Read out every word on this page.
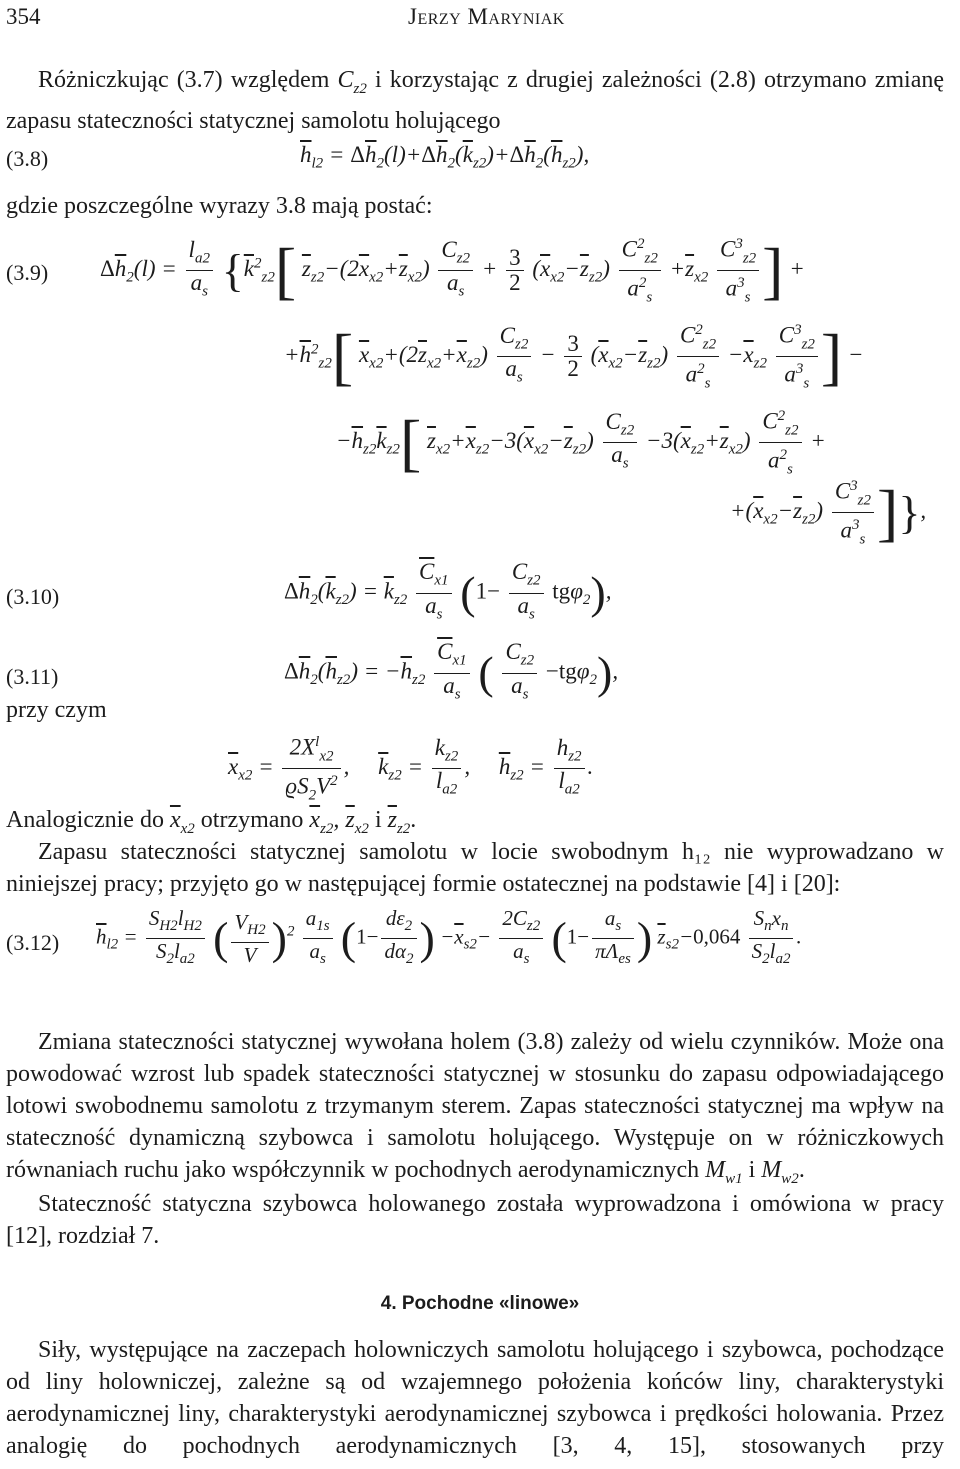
354	Jerzy Maryniak
Różniczkując (3.7) względem $C_{z2}$ i korzystając z drugiej zależności (2.8) otrzymano zmianę zapasu stateczności statycznej samolotu holującego
(3.8)	$\overline{h}_{l2} = \Delta\overline{h}_2(l)+\Delta\overline{h}_2(\overline{k}_{z2})+\Delta\overline{h}_2(\overline{h}_{z2})$,
gdzie poszczególne wyrazy 3.8 mają postać:
(3.9) $\Delta\overline{h}_2(l) = \frac{l_{a2}}{a_s} \{\overline{k}^2_{z2}$[ $\overline{z}_{z2}-(2\overline{x}_{x2}+\overline{z}_{x2}) \frac{C_{z2}}{a_s} + \frac{3}{2} (\overline{x}_{x2}-\overline{z}_{z2}) \frac{C^2_{z2}}{a^2_s} +\overline{z}_{x2} \frac{C^3_{z2}}{a^3_s}$ ] +
$+\overline{h}^2_{z2}$[ $\overline{x}_{x2}+(2\overline{z}_{x2}+\overline{x}_{z2}) \frac{C_{z2}}{a_s} - \frac{3}{2} (\overline{x}_{x2}-\overline{z}_{z2}) \frac{C^2_{z2}}{a^2_s} -\overline{x}_{z2} \frac{C^3_{z2}}{a^3_s}$ ] −
$-\overline{h}_{z2}\overline{k}_{z2}$[ $\overline{z}_{x2}+\overline{x}_{z2}-3(\overline{x}_{x2}-\overline{z}_{z2}) \frac{C_{z2}}{a_s} -3(\overline{x}_{z2}+\overline{z}_{x2}) \frac{C^2_{z2}}{a^2_s}$ +
$+(\overline{x}_{x2}-\overline{z}_{z2}) \frac{C^3_{z2}}{a^3_s}$ ]},
(3.10)	$\Delta\overline{h}_2(\overline{k}_{z2}) = \overline{k}_{z2} \frac{\overline{C}_{x1}}{a_s} (1- \frac{C_{z2}}{a_s} tg\varphi_2)$,
(3.11)	$\Delta\overline{h}_2(\overline{h}_{z2}) = -\overline{h}_{z2} \frac{\overline{C}_{x1}}{a_s}$ ( $\frac{C_{z2}}{a_s} -tg\varphi_2$),
przy czym
$\overline{x}_{x2} = \frac{2X^l_{x2}}{ϱS_2V^2}$ ,     $\overline{k}_{z2} = \frac{k_{z2}}{l_{a2}}$ ,     $\overline{h}_{z2} = \frac{h_{z2}}{l_{a2}}$ .
Analogicznie do $\overline{x}_{x2}$ otrzymano $\overline{x}_{z2}$, $\overline{z}_{x2}$ i $\overline{z}_{z2}$.
Zapasu stateczności statycznej samolotu w locie swobodnym h₁₂ nie wyprowadzano w niniejszej pracy; przyjęto go w następującej formie ostatecznej na podstawie [4] i [20]:
(3.12) $\overline{h}_{l2} = \frac{S_{H2}l_{H2}}{S_2l_{a2}}$ ( $\frac{V_{H2}}{V} )^2 \frac{a_{1s}}{a_s} (1- \frac{d\varepsilon_2}{d\alpha_2}$ ) $-\overline{x}_{s2}- \frac{2C_{z2}}{a_s} (1- \frac{a_s}{\pi\Lambda_{es}}$ ) $\overline{z}_{s2}-0,064 \frac{S_nx_n}{S_2l_{a2}}$ .
Zmiana stateczności statycznej wywołana holem (3.8) zależy od wielu czynników. Może ona powodować wzrost lub spadek stateczności statycznej w stosunku do zapasu odpowiadającego lotowi swobodnemu samolotu z trzymanym sterem. Zapas stateczności statycznej ma wpływ na stateczność dynamiczną szybowca i samolotu holującego. Występuje on w różniczkowych równaniach ruchu jako współczynnik w pochodnych aerodynamicznych $M_{w1}$ i $M_{w2}$.
Stateczność statyczna szybowca holowanego została wyprowadzona i omówiona w pracy [12], rozdział 7.
4. Pochodne «linowe»
Siły, występujące na zaczepach holowniczych samolotu holującego i szybowca, pochodzące od liny holowniczej, zależne są od wzajemnego położenia końców liny, charakterystyki aerodynamicznej liny, charakterystyki aerodynamicznej szybowca i prędkości holowania. Przez analogię do pochodnych aerodynamicznych [3, 4, 15], stosowanych przy
